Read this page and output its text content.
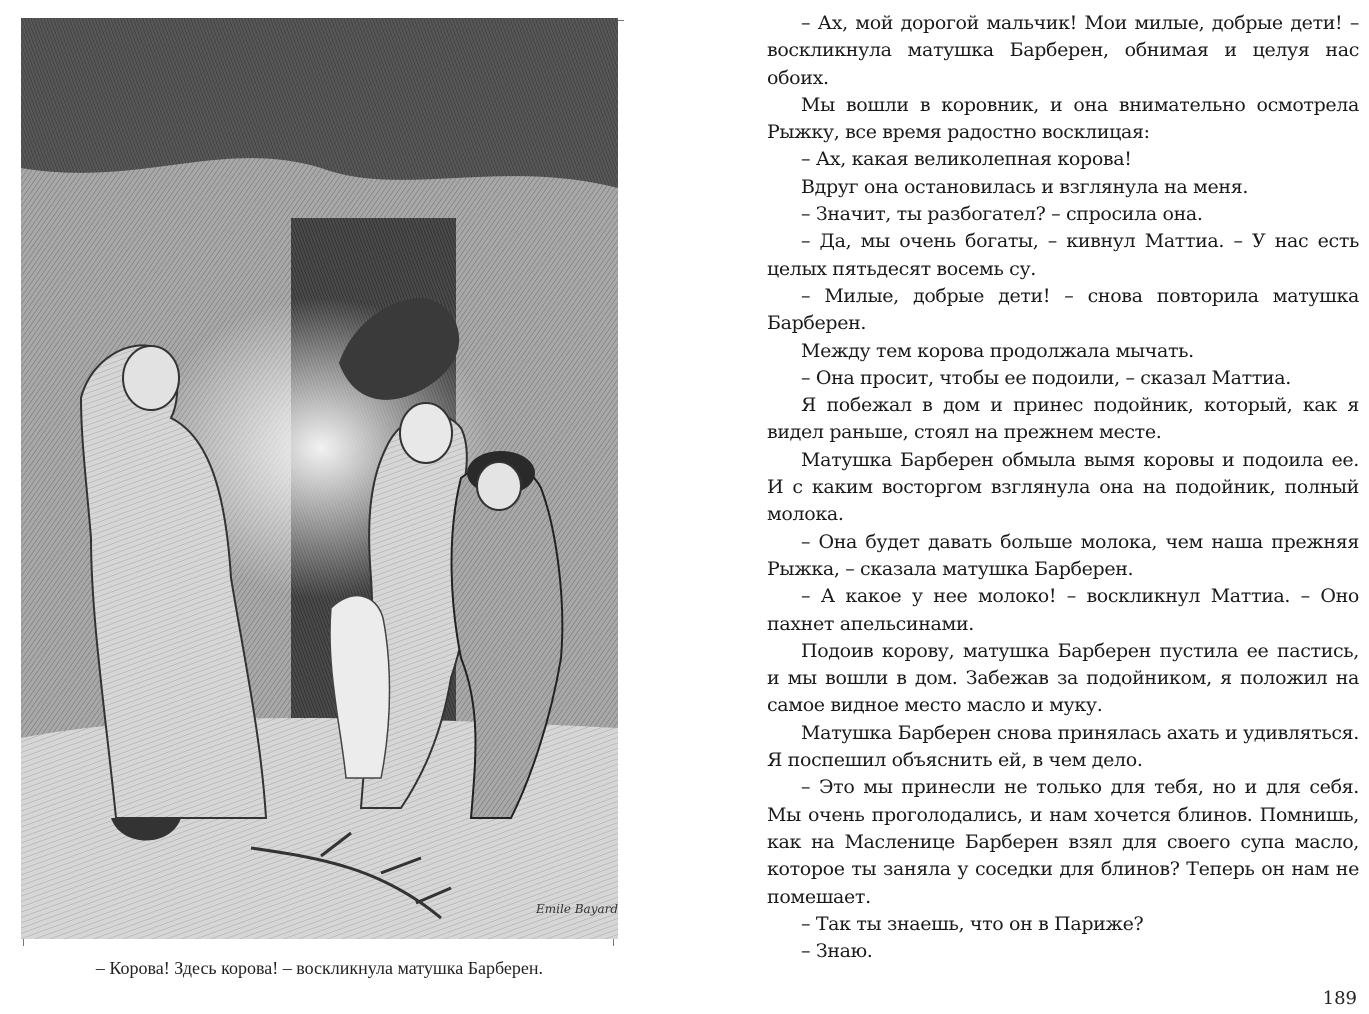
Emile Bayard
– Корова! Здесь корова! – воскликнула матушка Барберен.

– Ах, мой дорогой мальчик! Мои милые, добрые дети! – воскликнула матушка Барберен, обнимая и целуя нас обоих.

Мы вошли в коровник, и она внимательно осмотрела Рыжку, все время радостно восклицая:

– Ах, какая великолепная корова!

Вдруг она остановилась и взглянула на меня.

– Значит, ты разбогател? – спросила она.

– Да, мы очень богаты, – кивнул Маттиа. – У нас есть целых пятьдесят восемь су.

– Милые, добрые дети! – снова повторила матушка Барберен.

Между тем корова продолжала мычать.

– Она просит, чтобы ее подоили, – сказал Маттиа.

Я побежал в дом и принес подойник, который, как я видел раньше, стоял на прежнем месте.

Матушка Барберен обмыла вымя коровы и подоила ее. И с каким восторгом взглянула она на подойник, полный молока.

– Она будет давать больше молока, чем наша прежняя Рыжка, – сказала матушка Барберен.

– А какое у нее молоко! – воскликнул Маттиа. – Оно пахнет апельсинами.

Подоив корову, матушка Барберен пустила ее пастись, и мы вошли в дом. Забежав за подойником, я положил на самое видное место масло и муку.

Матушка Барберен снова принялась ахать и удивляться. Я поспешил объяснить ей, в чем дело.

– Это мы принесли не только для тебя, но и для себя. Мы очень проголодались, и нам хочется блинов. Помнишь, как на Масленице Барберен взял для своего супа масло, которое ты заняла у соседки для блинов? Теперь он нам не помешает.

– Так ты знаешь, что он в Париже?

– Знаю.

189
